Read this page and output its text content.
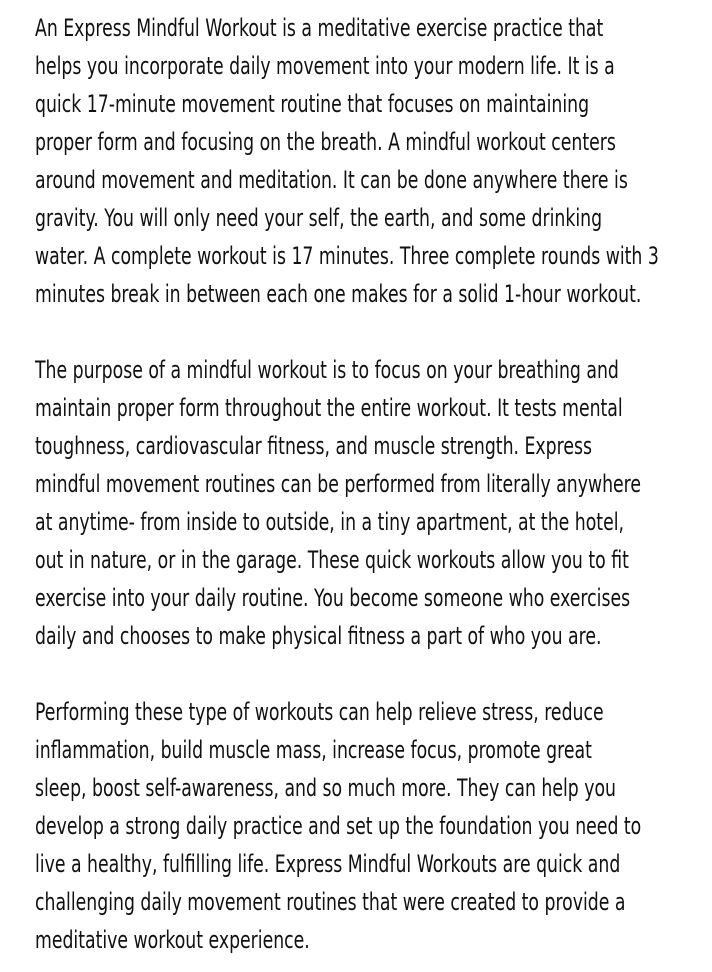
An Express Mindful Workout is a meditative exercise practice that
helps you incorporate daily movement into your modern life. It is a
quick 17-minute movement routine that focuses on maintaining
proper form and focusing on the breath. A mindful workout centers
around movement and meditation. It can be done anywhere there is
gravity. You will only need your self, the earth, and some drinking
water. A complete workout is 17 minutes. Three complete rounds with 3
minutes break in between each one makes for a solid 1-hour workout.

The purpose of a mindful workout is to focus on your breathing and
maintain proper form throughout the entire workout. It tests mental
toughness, cardiovascular fitness, and muscle strength. Express
mindful movement routines can be performed from literally anywhere
at anytime- from inside to outside, in a tiny apartment, at the hotel,
out in nature, or in the garage. These quick workouts allow you to fit
exercise into your daily routine. You become someone who exercises
daily and chooses to make physical fitness a part of who you are.

Performing these type of workouts can help relieve stress, reduce
inflammation, build muscle mass, increase focus, promote great
sleep, boost self-awareness, and so much more. They can help you
develop a strong daily practice and set up the foundation you need to
live a healthy, fulfilling life. Express Mindful Workouts are quick and
challenging daily movement routines that were created to provide a
meditative workout experience.
